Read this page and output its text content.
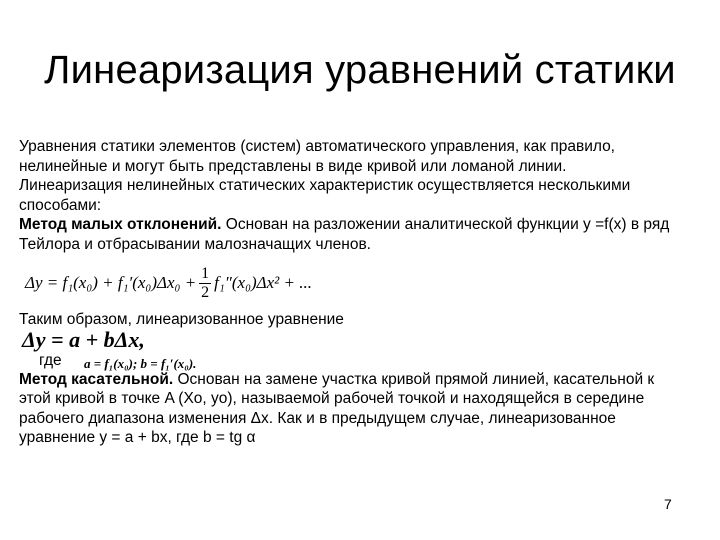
Линеаризация уравнений статики

Уравнения статики элементов (систем) автоматического управления, как правило, нелинейные и могут быть представлены в виде кривой или ломаной линии.

Линеаризация нелинейных статических характеристик осуществляется несколькими способами:

Метод малых отклонений. Основан на разложении аналитической функции y =f(x) в ряд Тейлора и отбрасывании малозначащих членов.

$\Delta y = f_1(x_0) + f_1'(x_0)\Delta x_0 + \frac{1}{2} f_1''(x_0)\Delta x^2$ + ...

Таким образом, линеаризованное уравнение

Δy = a + bΔx,
где a = f₁(x₀); b = f₁′(x₀).

Метод касательной. Основан на замене участка кривой прямой линией, касательной к этой кривой в точке A (Xo, yo), называемой рабочей точкой и находящейся в середине рабочего диапазона изменения Δx. Как и в предыдущем случае, линеаризованное уравнение y = a + bx, где b = tg α

7
